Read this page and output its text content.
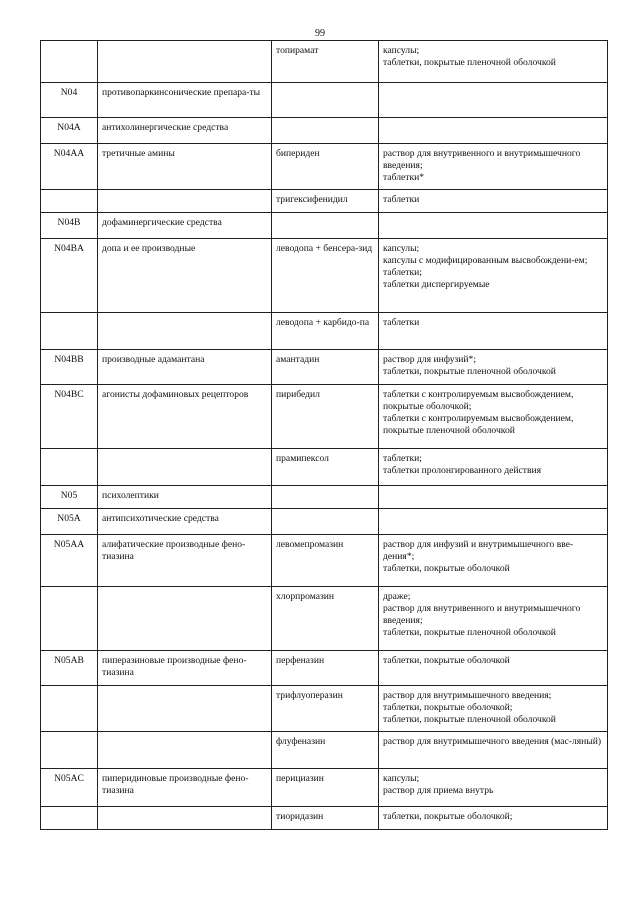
99
		топирамат	капсулы;
таблетки, покрытые пленочной оболочкой

N04	противопаркинсонические препара-ты		
N04A	антихолинергические средства		
N04AA	третичные амины	бипериден	раствор для внутривенного и внутримышечного введения;
таблетки*

		тригексифенидил	таблетки

N04B	дофаминергические средства		
N04BA	допа и ее производные	леводопа + бенсера-зид	капсулы;
капсулы с модифицированным высвобождени-ем;
таблетки;
таблетки диспергируемые

		леводопа + карбидо-па	таблетки

N04BB	производные адамантана	амантадин	раствор для инфузий*;
таблетки, покрытые пленочной оболочкой

N04BC	агонисты дофаминовых рецепторов	пирибедил	таблетки с контролируемым высвобождением, покрытые оболочкой;
таблетки с контролируемым высвобождением, покрытые пленочной оболочкой

		прамипексол	таблетки;
таблетки пролонгированного действия

N05	психолептики		
N05A	антипсихотические средства		
N05AA	алифатические производные фено-тиазина	левомепромазин	раствор для инфузий и внутримышечного вве-дения*;
таблетки, покрытые оболочкой

		хлорпромазин	драже;
раствор для внутривенного и внутримышечного введения;
таблетки, покрытые пленочной оболочкой

N05AB	пиперазиновые производные фено-тиазина	перфеназин	таблетки, покрытые оболочкой

		трифлуоперазин	раствор для внутримышечного введения;
таблетки, покрытые оболочкой;
таблетки, покрытые пленочной оболочкой

		флуфеназин	раствор для внутримышечного введения (мас-ляный)

N05AC	пиперидиновые производные фено-тиазина	перициазин	капсулы;
раствор для приема внутрь

		тиоридазин	таблетки, покрытые оболочкой;
